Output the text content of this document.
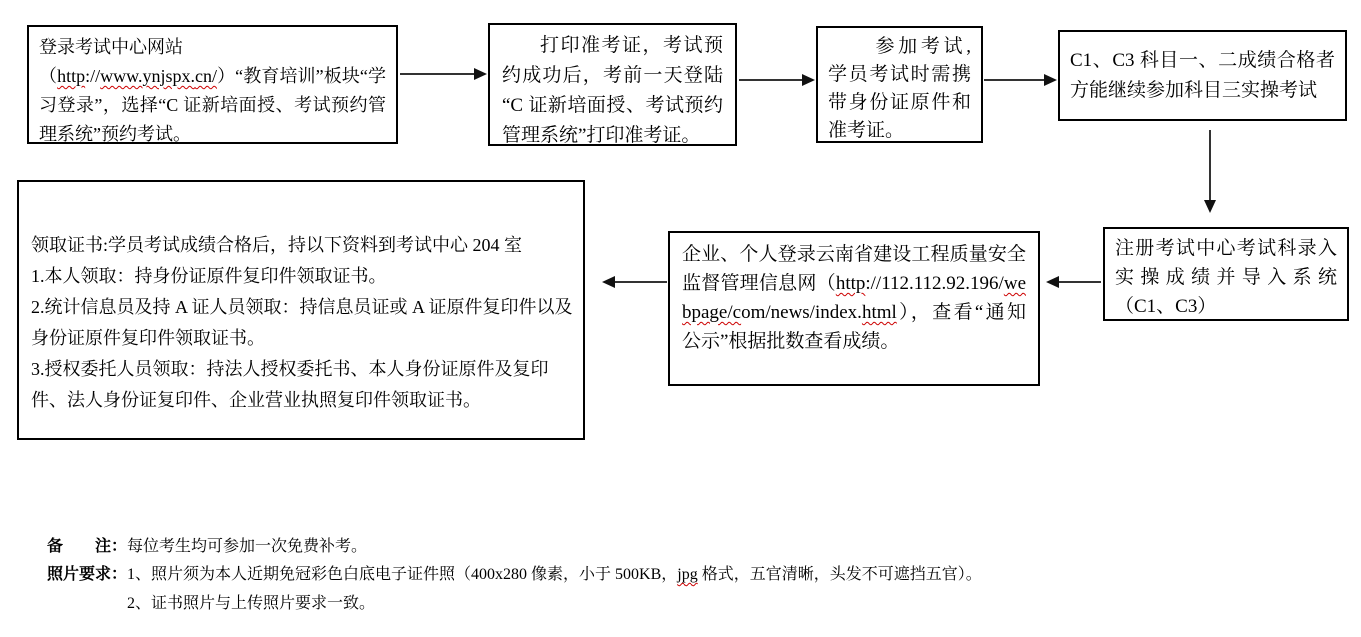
登录考试中心网站

（http://www.ynjspx.cn/）“教育培训”板块“学习登录”，选择“C 证新培面授、考试预约管理系统”预约考试。

打印准考证，考试预约成功后，考前一天登陆“C 证新培面授、考试预约管理系统”打印准考证。

参加考试,学员考试时需携带身份证原件和准考证。

C1、C3 科目一、二成绩合格者方能继续参加科目三实操考试

注册考试中心考试科录入实操成绩并导入系统（C1、C3）

企业、个人登录云南省建设工程质量安全监督管理信息网（http://112.112.92.196/webpage/com/news/index.html），查看“通知公示”根据批数查看成绩。

领取证书:学员考试成绩合格后，持以下资料到考试中心 204 室

1.本人领取：持身份证原件复印件领取证书。

2.统计信息员及持 A 证人员领取：持信息员证或 A 证原件复印件以及身份证原件复印件领取证书。

3.授权委托人员领取：持法人授权委托书、本人身份证原件及复印件、法人身份证复印件、企业营业执照复印件领取证书。

备　　注：每位考生均可参加一次免费补考。
照片要求：1、照片须为本人近期免冠彩色白底电子证件照（400x280 像素，小于 500KB，jpg 格式，五官清晰，头发不可遮挡五官）。
2、证书照片与上传照片要求一致。
